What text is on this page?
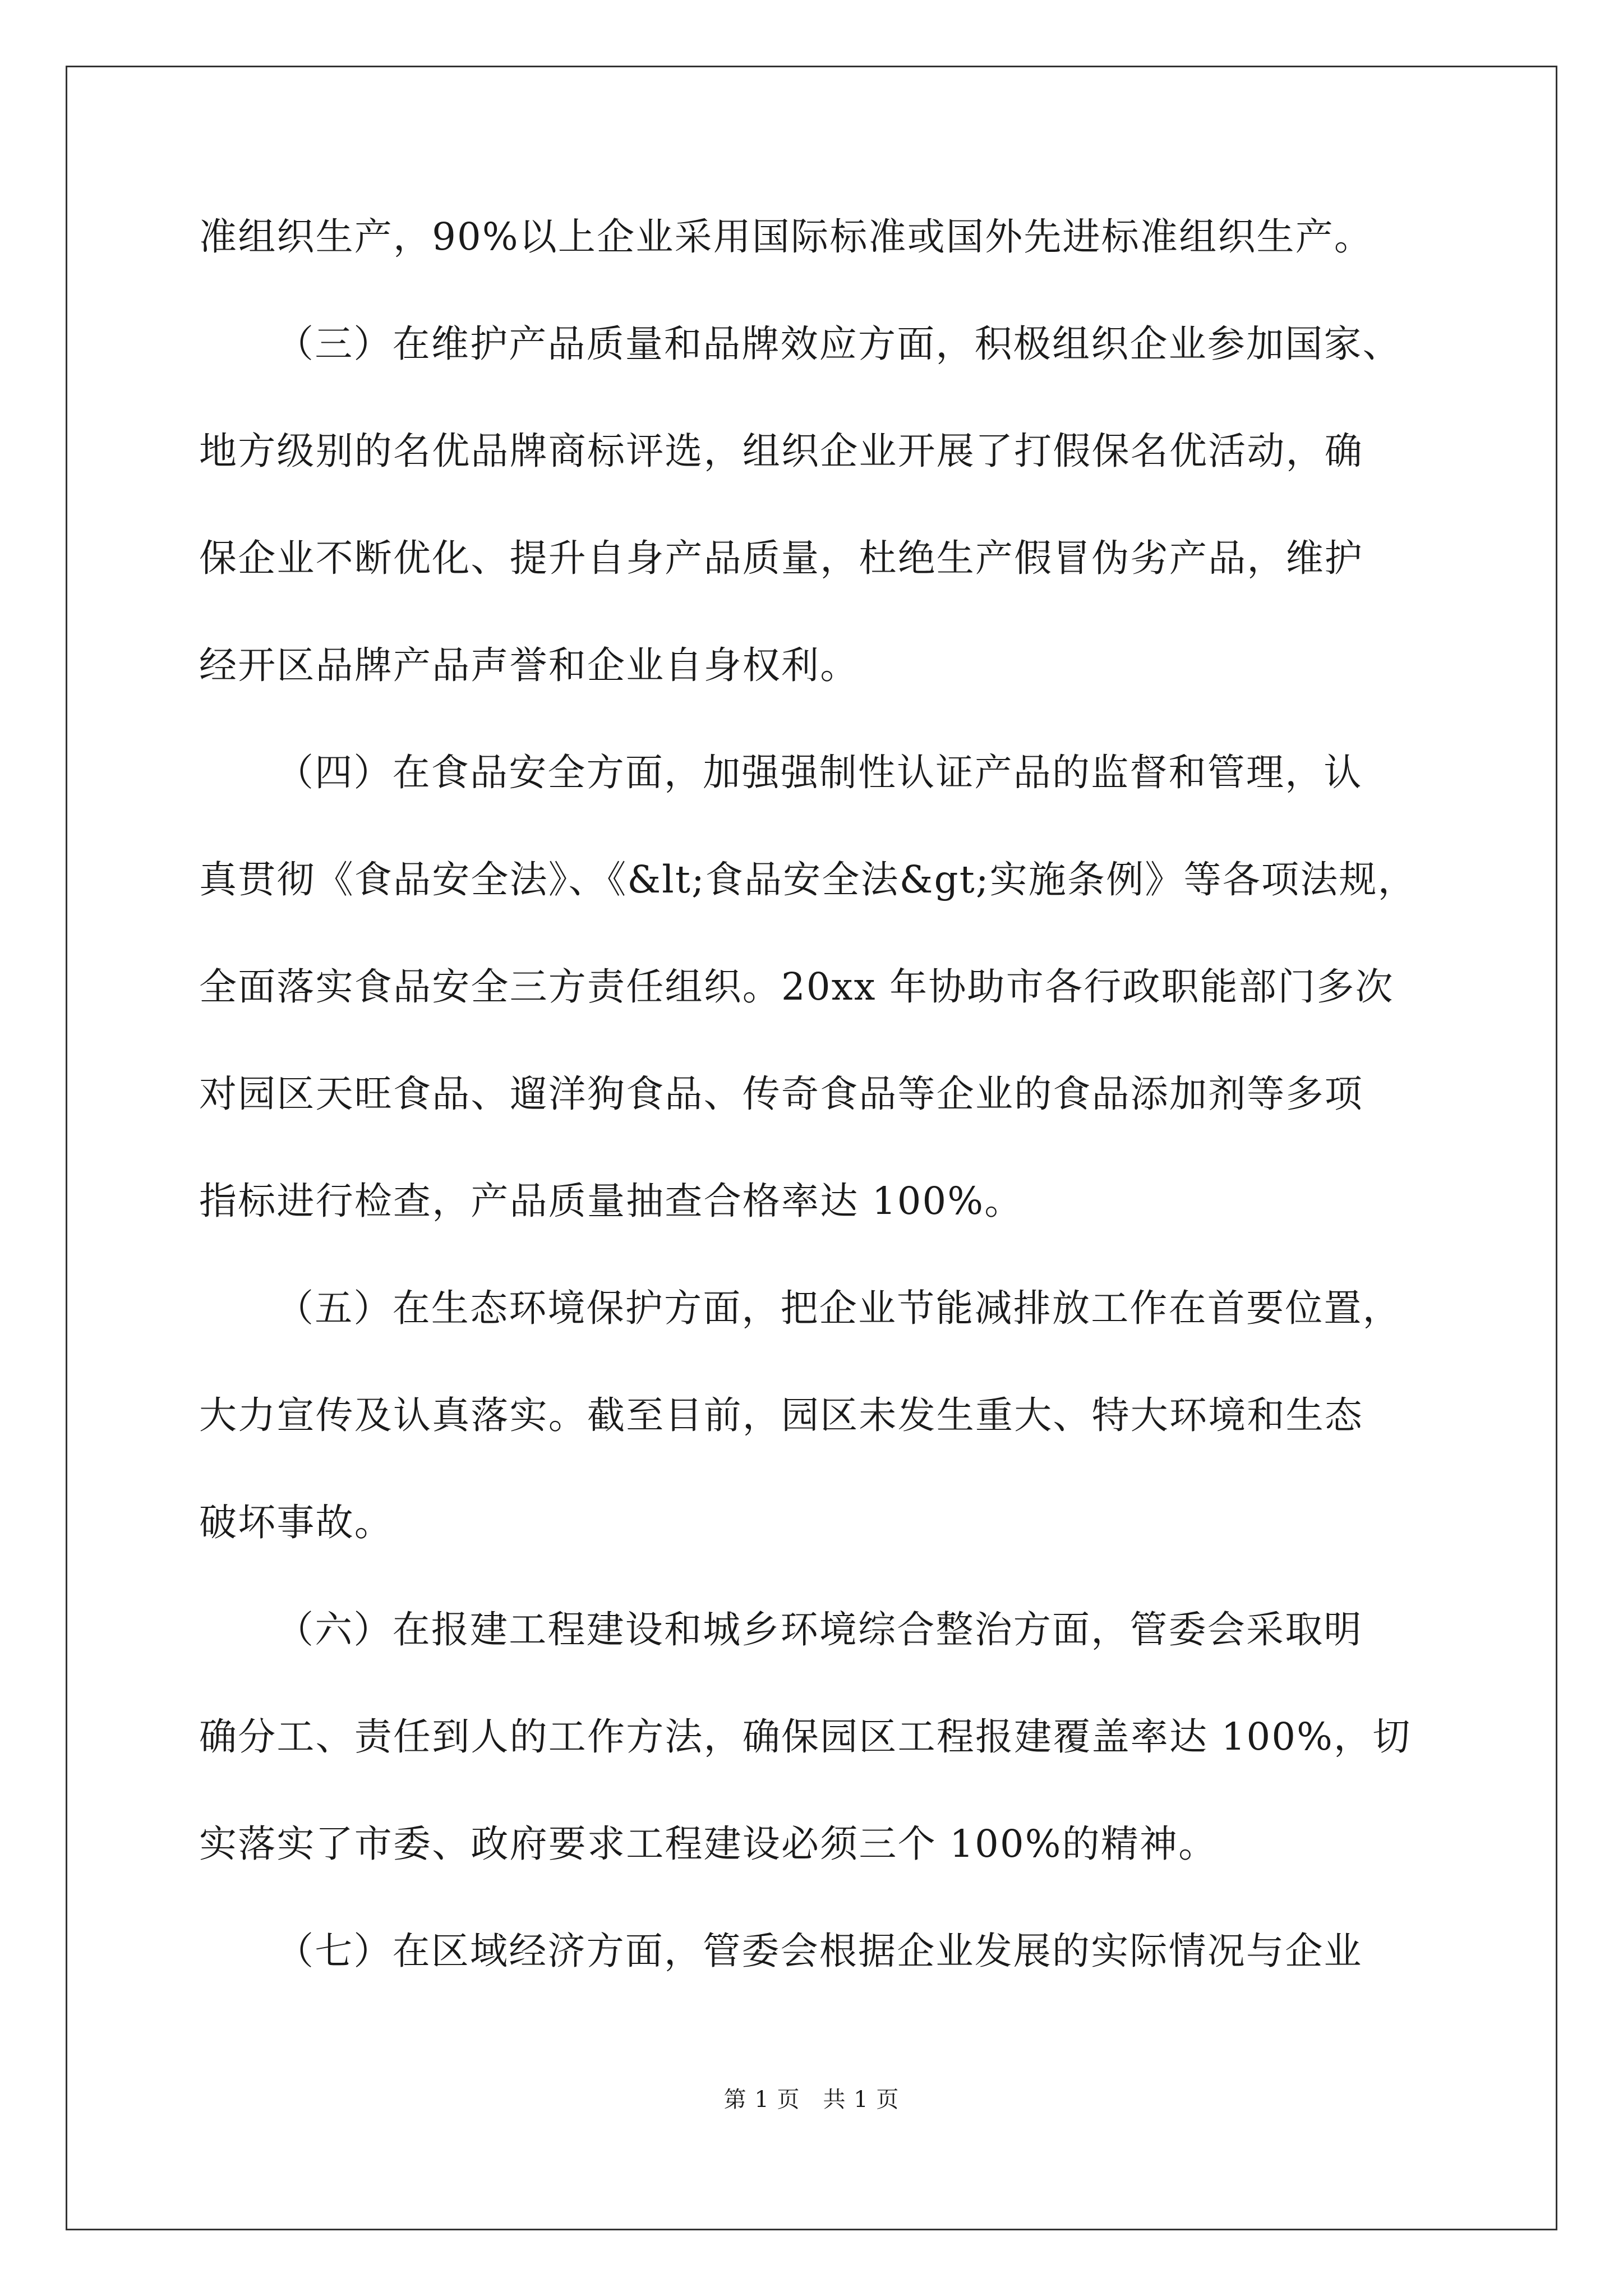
准组织生产，90%以上企业采用国际标准或国外先进标准组织生产。
（三）在维护产品质量和品牌效应方面，积极组织企业参加国家、
地方级别的名优品牌商标评选，组织企业开展了打假保名优活动，确
保企业不断优化、提升自身产品质量，杜绝生产假冒伪劣产品，维护
经开区品牌产品声誉和企业自身权利。
（四）在食品安全方面，加强强制性认证产品的监督和管理，认
真贯彻《食品安全法》、《&lt;食品安全法&gt;实施条例》等各项法规，
全面落实食品安全三方责任组织。20xx 年协助市各行政职能部门多次
对园区天旺食品、遛洋狗食品、传奇食品等企业的食品添加剂等多项
指标进行检查，产品质量抽查合格率达 100%。
（五）在生态环境保护方面，把企业节能减排放工作在首要位置，
大力宣传及认真落实。截至目前，园区未发生重大、特大环境和生态
破坏事故。
（六）在报建工程建设和城乡环境综合整治方面，管委会采取明
确分工、责任到人的工作方法，确保园区工程报建覆盖率达 100%，切
实落实了市委、政府要求工程建设必须三个 100%的精神。
（七）在区域经济方面，管委会根据企业发展的实际情况与企业
第 1 页　共 1 页
